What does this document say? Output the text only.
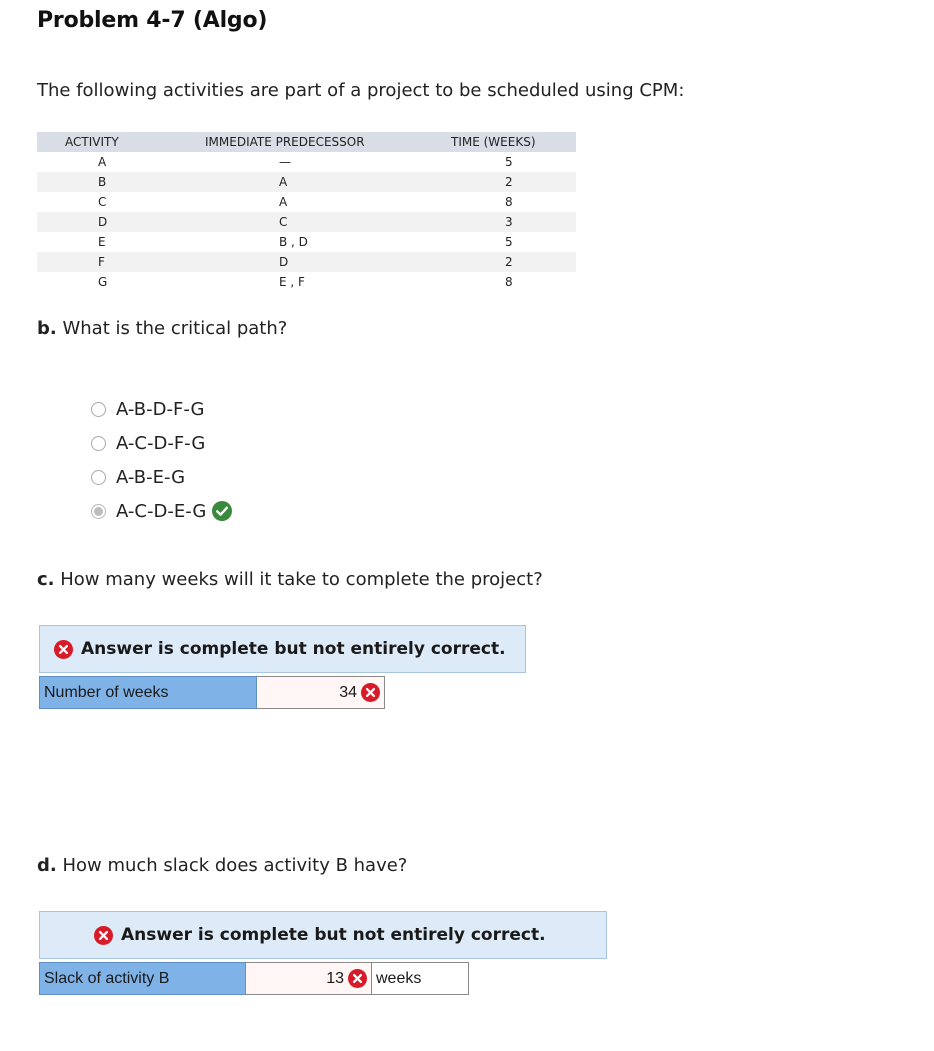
Problem 4-7 (Algo)
The following activities are part of a project to be scheduled using CPM:
ACTIVITY	IMMEDIATE PREDECESSOR	TIME (WEEKS)
A	—	5
B	A	2
C	A	8
D	C	3
E	B , D	5
F	D	2
G	E , F	8
b. What is the critical path?
A-B-D-F-G
A-C-D-F-G
A-B-E-G
A-C-D-E-G
c. How many weeks will it take to complete the project?
Answer is complete but not entirely correct.
Number of weeks	34
d. How much slack does activity B have?
Answer is complete but not entirely correct.
Slack of activity B	13 weeks
